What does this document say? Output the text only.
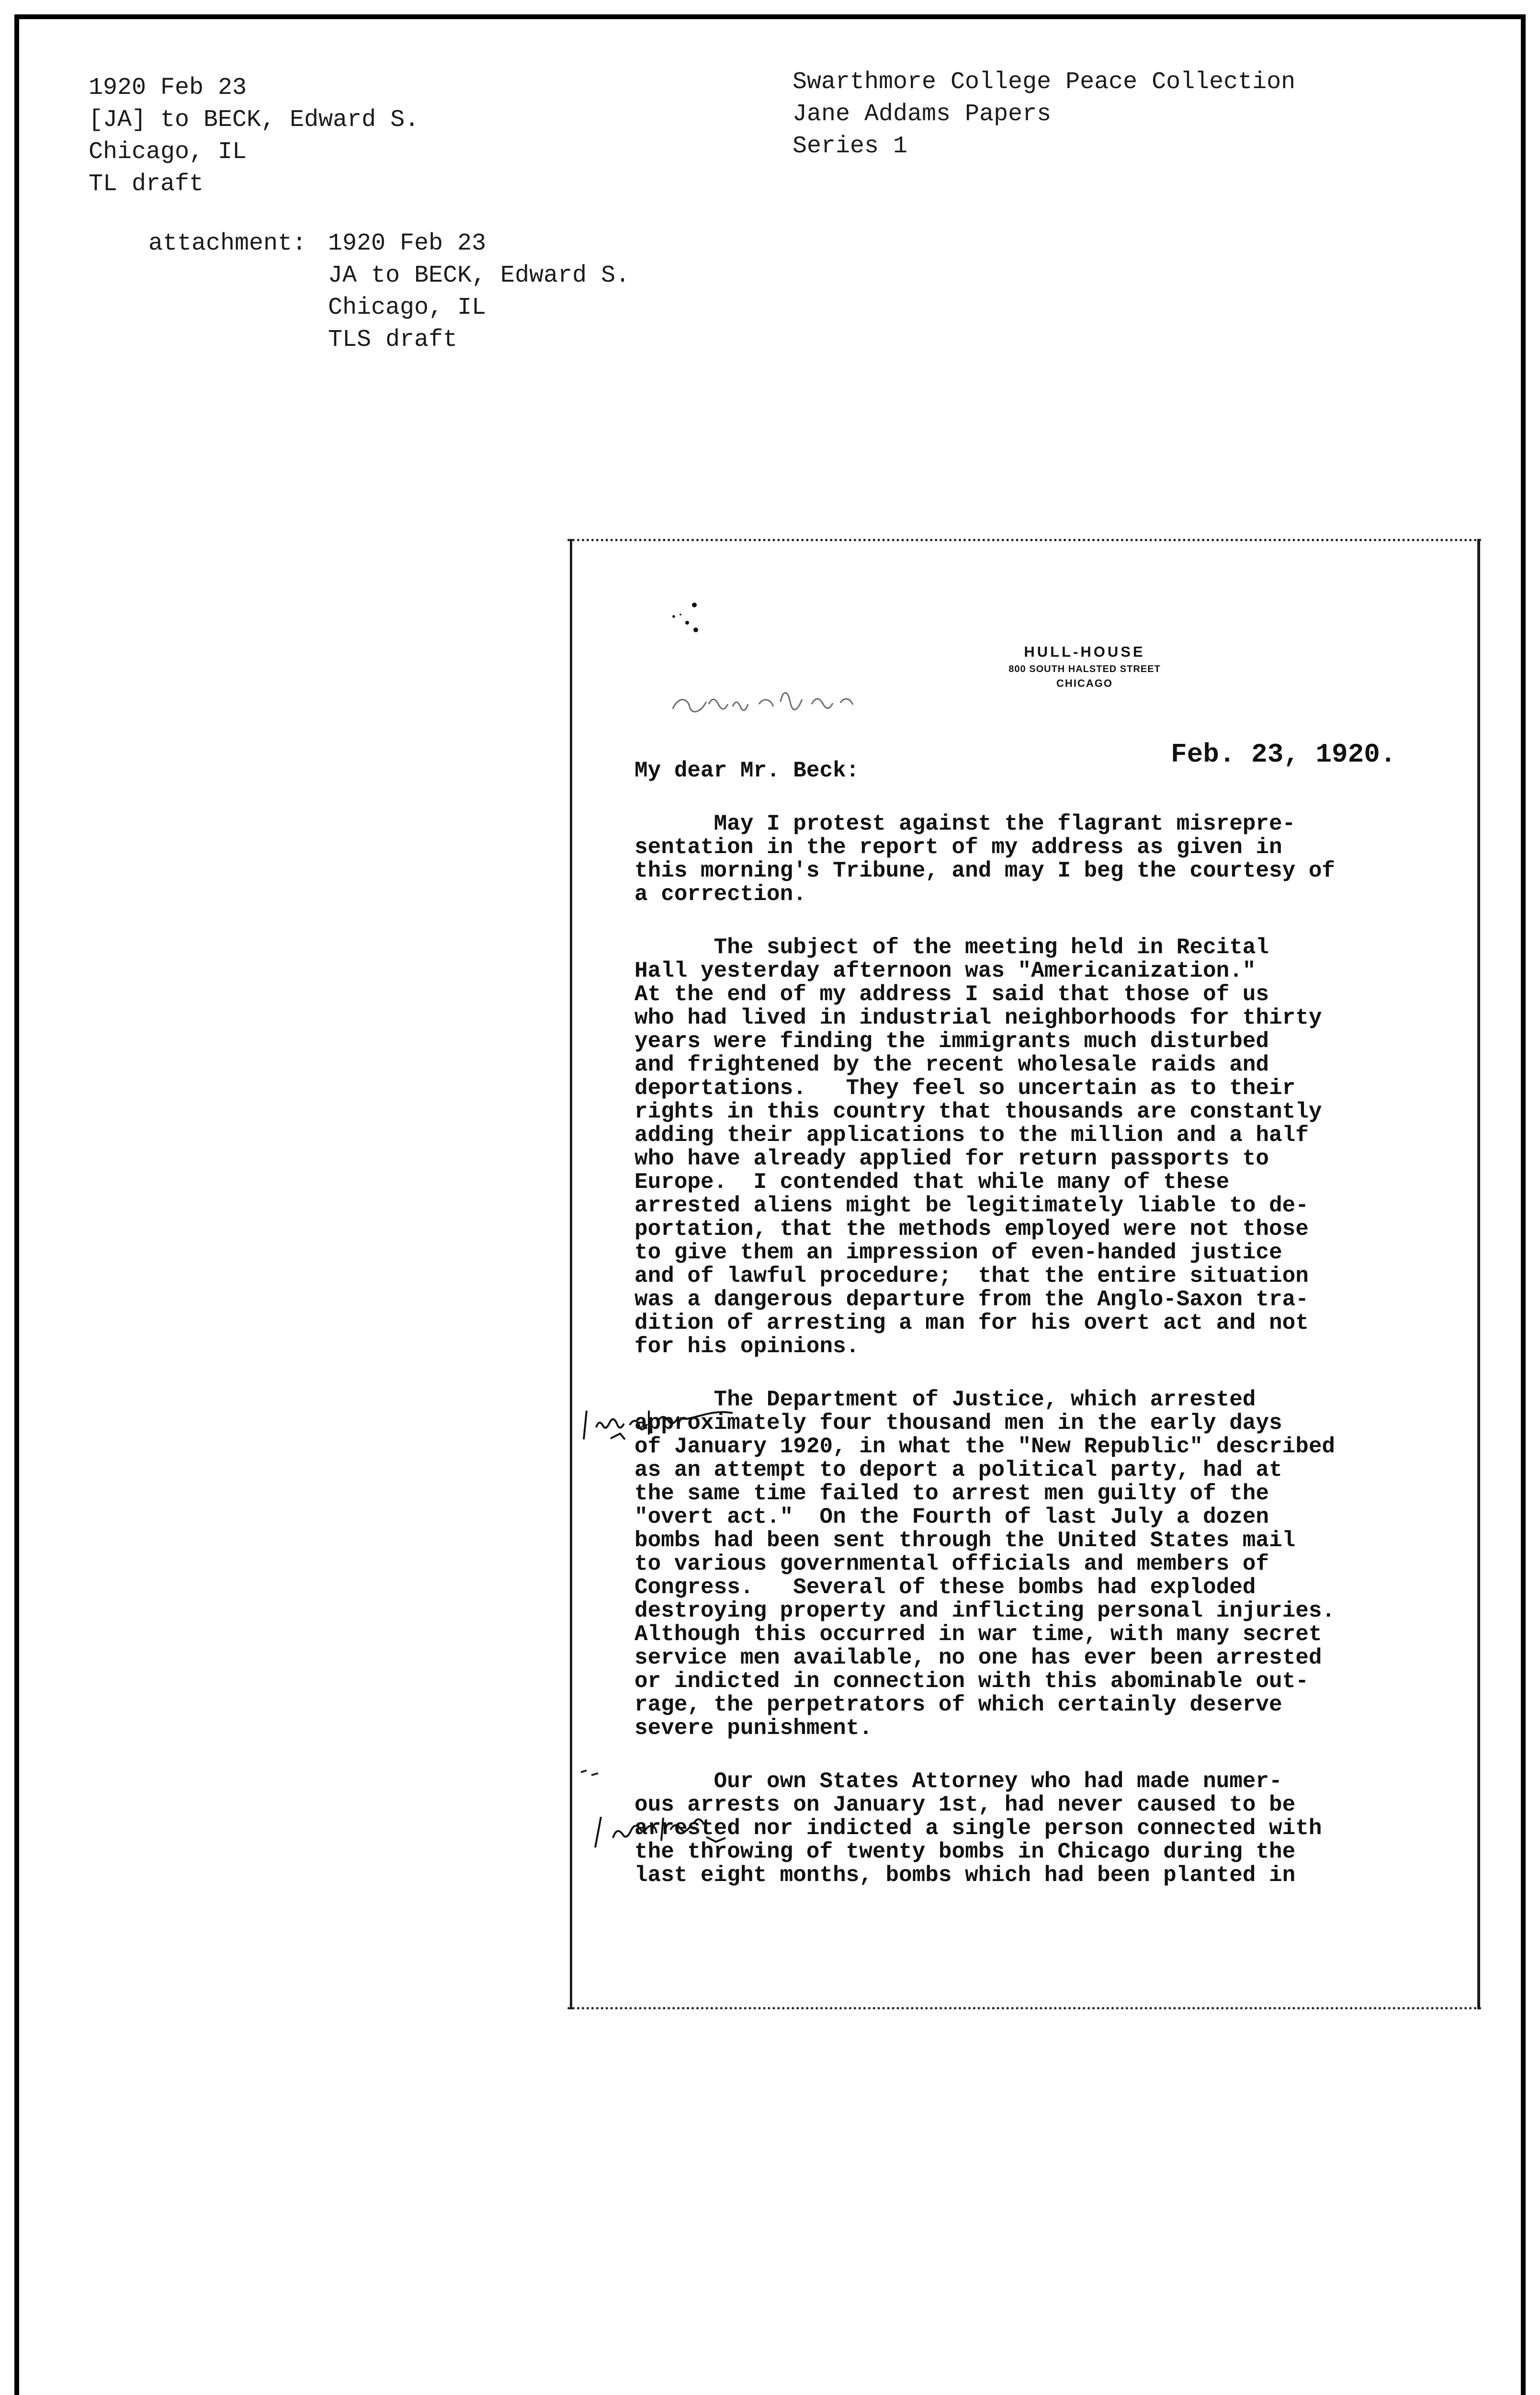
1920 Feb 23
[JA] to BECK, Edward S.
Chicago, IL
TL draft
Swarthmore College Peace Collection
Jane Addams Papers
Series 1
attachment: 1920 Feb 23
JA to BECK, Edward S.
Chicago, IL
TLS draft
HULL-HOUSE
800 SOUTH HALSTED STREET
CHICAGO
Feb. 23, 1920.

My dear Mr. Beck:

May I protest against the flagrant misrepre-

sentation in the report of my address as given in

this morning's Tribune, and may I beg the courtesy of

a correction.

The subject of the meeting held in Recital

Hall yesterday afternoon was "Americanization."

At the end of my address I said that those of us

who had lived in industrial neighborhoods for thirty

years were finding the immigrants much disturbed

and frightened by the recent wholesale raids and

deportations.   They feel so uncertain as to their

rights in this country that thousands are constantly

adding their applications to the million and a half

who have already applied for return passports to

Europe.  I contended that while many of these

arrested aliens might be legitimately liable to de-

portation, that the methods employed were not those

to give them an impression of even-handed justice

and of lawful procedure;  that the entire situation

was a dangerous departure from the Anglo-Saxon tra-

dition of arresting a man for his overt act and not

for his opinions.

The Department of Justice, which arrested

approximately four thousand men in the early days

of January 1920, in what the "New Republic" described

as an attempt to deport a political party, had at

the same time failed to arrest men guilty of the

"overt act."  On the Fourth of last July a dozen

bombs had been sent through the United States mail

to various governmental officials and members of

Congress.   Several of these bombs had exploded

destroying property and inflicting personal injuries.

Although this occurred in war time, with many secret

service men available, no one has ever been arrested

or indicted in connection with this abominable out-

rage, the perpetrators of which certainly deserve

severe punishment.

Our own States Attorney who had made numer-

ous arrests on January 1st, had never caused to be

arrested nor indicted a single person connected with

the throwing of twenty bombs in Chicago during the

last eight months, bombs which had been planted in
